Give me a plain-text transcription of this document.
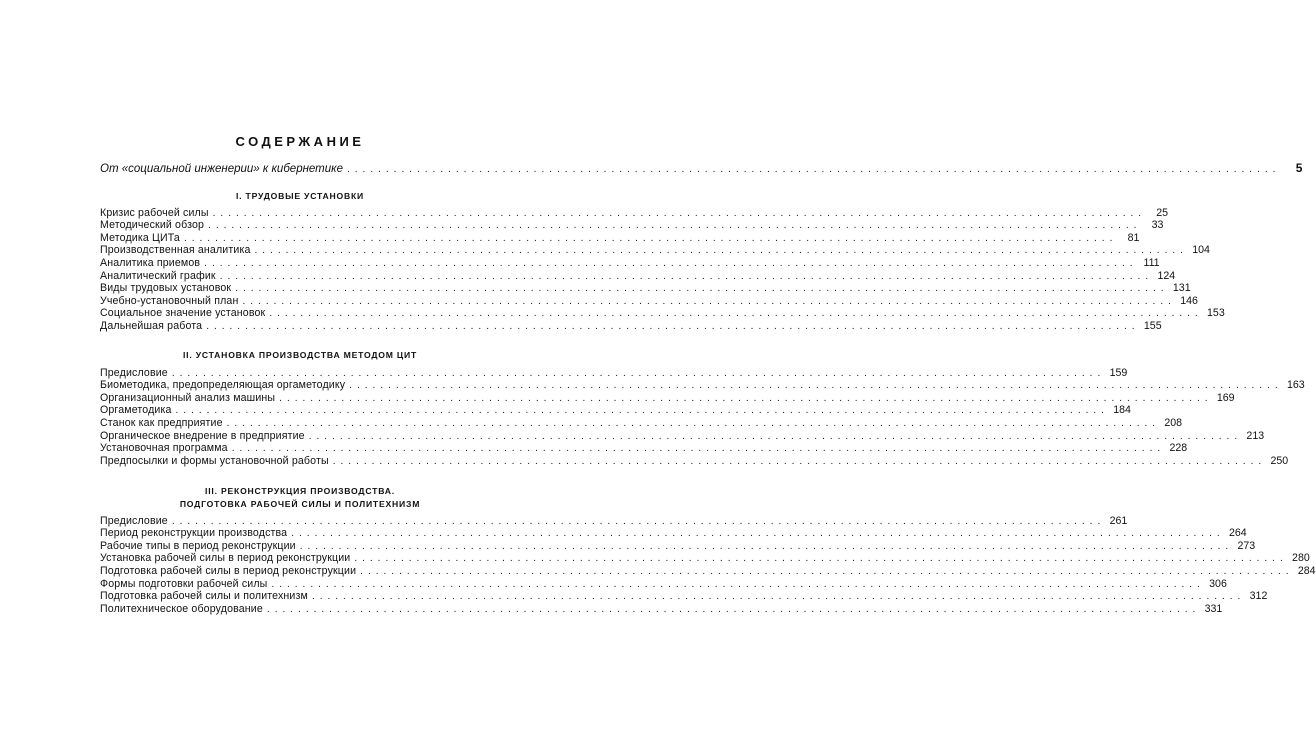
СОДЕРЖАНИЕ
От «социальной инженерии» к кибернетике ........................................................................................................................	5
I. ТРУДОВЫЕ УСТАНОВКИ
Кризис рабочей силы ........................................................................................................................ 25
Методический обзор ........................................................................................................................ 33
Методика ЦИТа ........................................................................................................................ 81
Производственная аналитика ........................................................................................................................ 104
Аналитика приемов ........................................................................................................................ 111
Аналитический график ........................................................................................................................ 124
Виды трудовых установок ........................................................................................................................ 131
Учебно-установочный план ........................................................................................................................ 146
Социальное значение установок ........................................................................................................................ 153
Дальнейшая работа ........................................................................................................................ 155
II. УСТАНОВКА ПРОИЗВОДСТВА МЕТОДОМ ЦИТ
Предисловие ........................................................................................................................ 159
Биометодика, предопределяющая оргаметодику ........................................................................................................................ 163
Организационный анализ машины ........................................................................................................................ 169
Оргаметодика ........................................................................................................................ 184
Станок как предприятие ........................................................................................................................ 208
Органическое внедрение в предприятие ........................................................................................................................ 213
Установочная программа ........................................................................................................................ 228
Предпосылки и формы установочной работы ........................................................................................................................ 250
III. РЕКОНСТРУКЦИЯ ПРОИЗВОДСТВА.
ПОДГОТОВКА РАБОЧЕЙ СИЛЫ И ПОЛИТЕХНИЗМ
Предисловие ........................................................................................................................ 261
Период реконструкции производства ........................................................................................................................ 264
Рабочие типы в период реконструкции ........................................................................................................................ 273
Установка рабочей силы в период реконструкции ........................................................................................................................ 280
Подготовка рабочей силы в период реконструкции ........................................................................................................................ 284
Формы подготовки рабочей силы ........................................................................................................................ 306
Подготовка рабочей силы и политехнизм ........................................................................................................................ 312
Политехническое оборудование ........................................................................................................................ 331
